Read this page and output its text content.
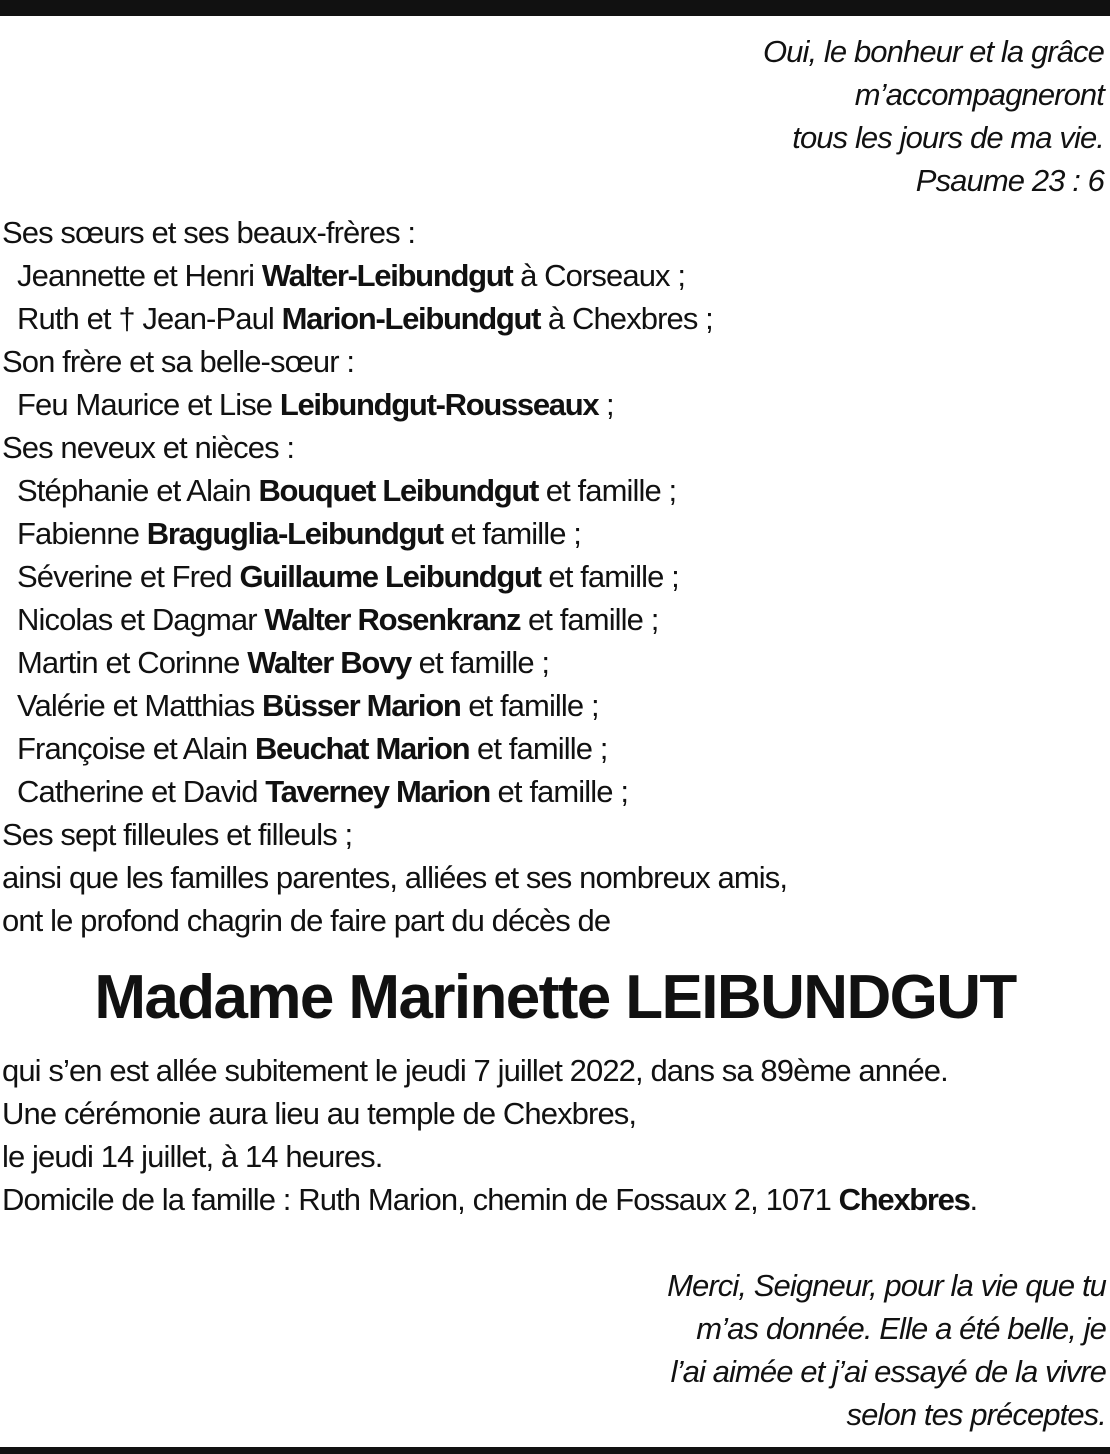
Oui, le bonheur et la grâce
m’accompagneront
tous les jours de ma vie.
Psaume 23 : 6
Ses sœurs et ses beaux-frères :
Jeannette et Henri Walter-Leibundgut à Corseaux ;
Ruth et † Jean-Paul Marion-Leibundgut à Chexbres ;
Son frère et sa belle-sœur :
Feu Maurice et Lise Leibundgut-Rousseaux ;
Ses neveux et nièces :
Stéphanie et Alain Bouquet Leibundgut et famille ;
Fabienne Braguglia-Leibundgut et famille ;
Séverine et Fred Guillaume Leibundgut et famille ;
Nicolas et Dagmar Walter Rosenkranz et famille ;
Martin et Corinne Walter Bovy et famille ;
Valérie et Matthias Büsser Marion et famille ;
Françoise et Alain Beuchat Marion et famille ;
Catherine et David Taverney Marion et famille ;
Ses sept filleules et filleuls ;
ainsi que les familles parentes, alliées et ses nombreux amis,
ont le profond chagrin de faire part du décès de
Madame Marinette LEIBUNDGUT
qui s’en est allée subitement le jeudi 7 juillet 2022, dans sa 89ème année.
Une cérémonie aura lieu au temple de Chexbres,
le jeudi 14 juillet, à 14 heures.
Domicile de la famille : Ruth Marion, chemin de Fossaux 2, 1071 Chexbres.
Merci, Seigneur, pour la vie que tu
m’as donnée. Elle a été belle, je
l’ai aimée et j’ai essayé de la vivre
selon tes préceptes.
